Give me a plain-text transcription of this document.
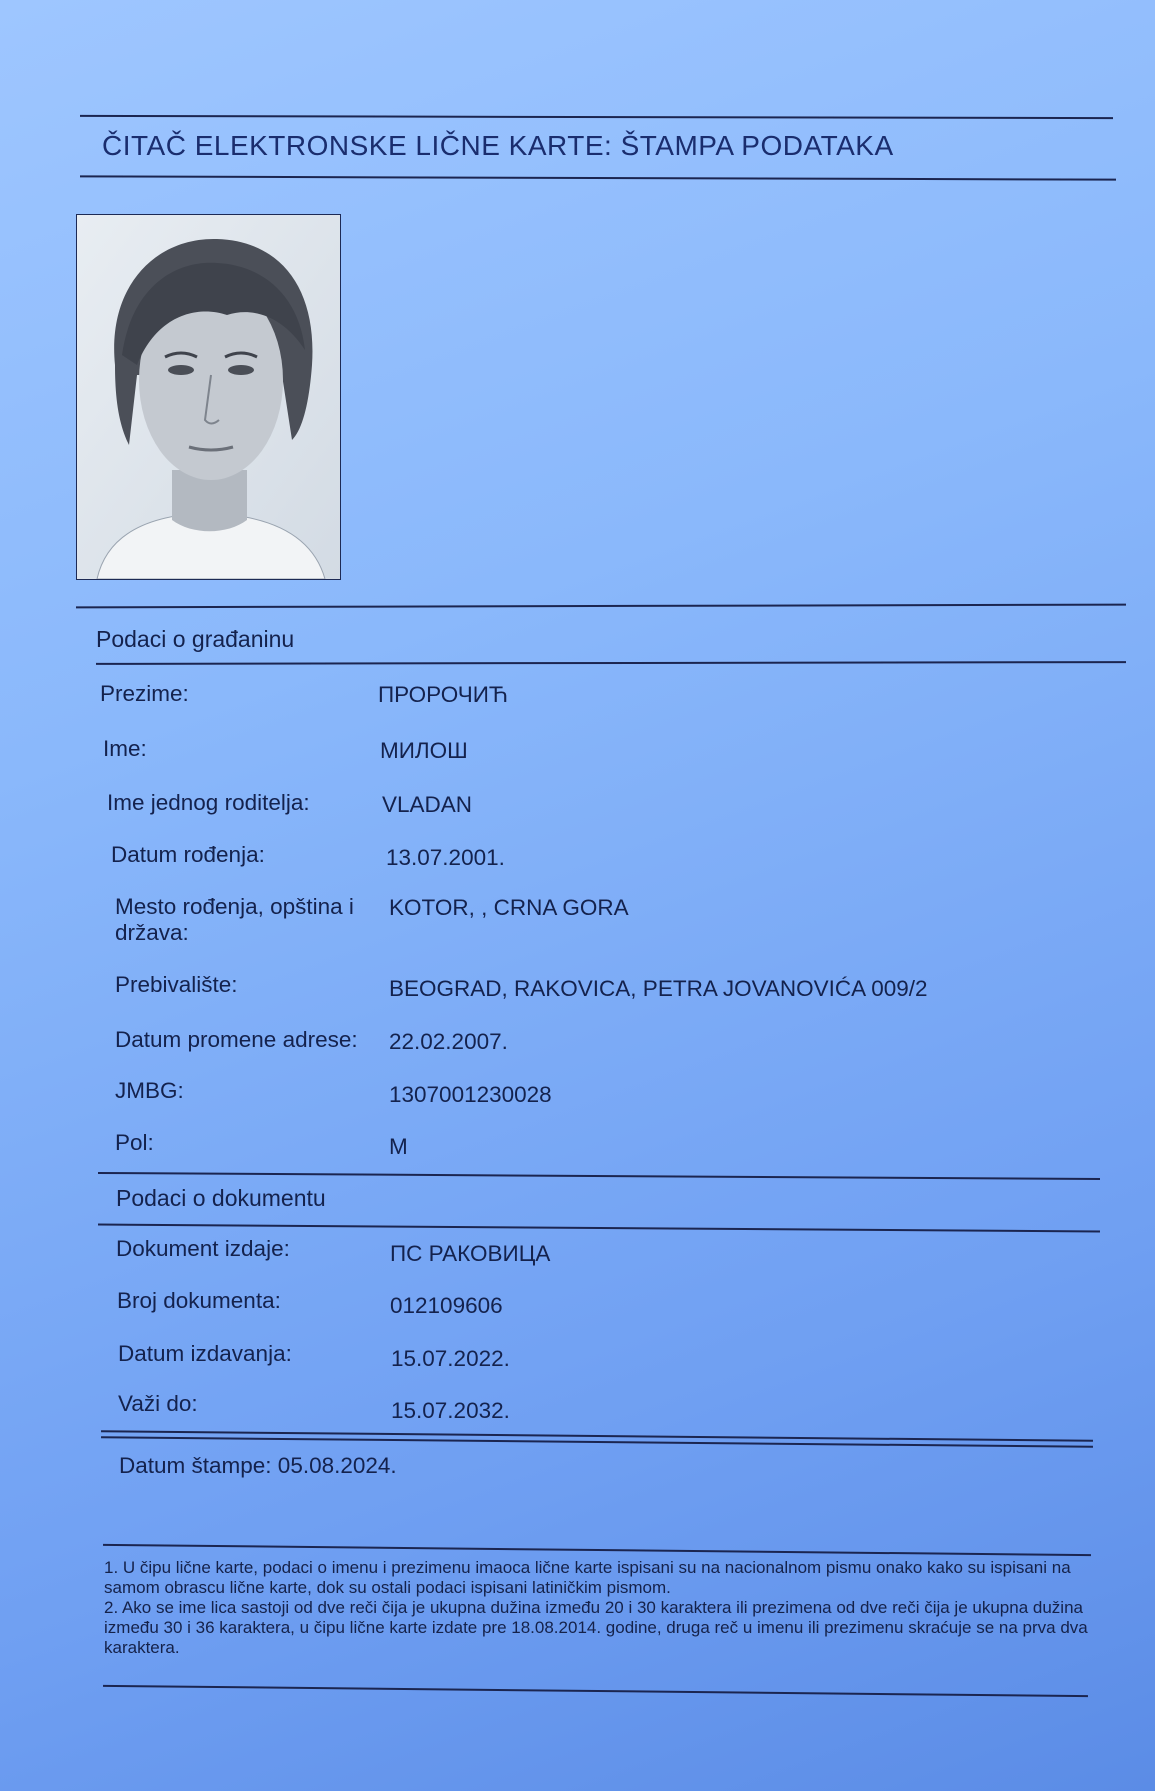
ČITAČ ELEKTRONSKE LIČNE KARTE: ŠTAMPA PODATAKA
Podaci o građaninu
Prezime:	ПРОРОЧИЋ
Ime:	МИЛОШ
Ime jednog roditelja:	VLADAN
Datum rođenja:	13.07.2001.
Mesto rođenja, opština i država:
KOTOR, , CRNA GORA
Prebivalište:	BEOGRAD, RAKOVICA, PETRA JOVANOVIĆA 009/2
Datum promene adrese: 22.02.2007.
JMBG:	1307001230028
Pol:	M
Podaci o dokumentu
Dokument izdaje:	ПС РАКОВИЦА
Broj dokumenta:	012109606
Datum izdavanja:	15.07.2022.
Važi do:	15.07.2032.
Datum štampe: 05.08.2024.

1. U čipu lične karte, podaci o imenu i prezimenu imaoca lične karte ispisani su na nacionalnom pismu onako kako su ispisani na samom obrascu lične karte, dok su ostali podaci ispisani latiničkim pismom.

2. Ako se ime lica sastoji od dve reči čija je ukupna dužina između 20 i 30 karaktera ili prezimena od dve reči čija je ukupna dužina između 30 i 36 karaktera, u čipu lične karte izdate pre 18.08.2014. godine, druga reč u imenu ili prezimenu skraćuje se na prva dva karaktera.
